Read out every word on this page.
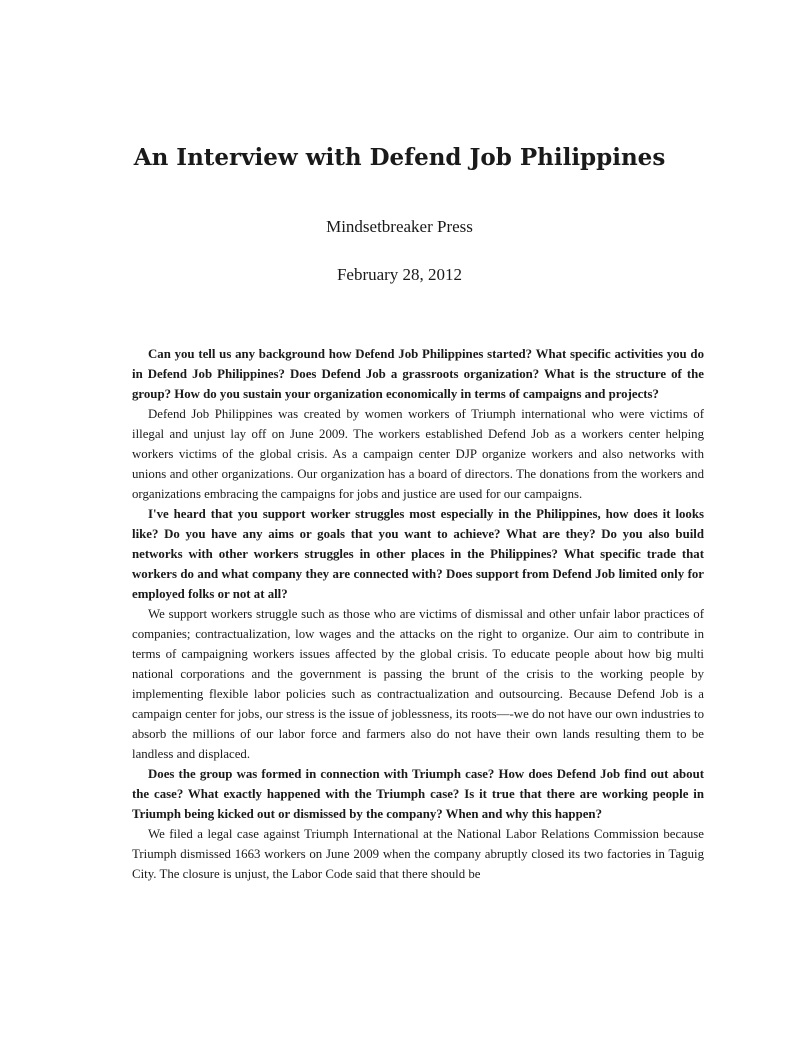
An Interview with Defend Job Philippines
Mindsetbreaker Press
February 28, 2012

Can you tell us any background how Defend Job Philippines started? What specific activities you do in Defend Job Philippines? Does Defend Job a grassroots organization? What is the structure of the group? How do you sustain your organization economically in terms of campaigns and projects?

Defend Job Philippines was created by women workers of Triumph international who were victims of illegal and unjust lay off on June 2009. The workers established Defend Job as a workers center helping workers victims of the global crisis. As a campaign center DJP organize workers and also networks with unions and other organizations. Our organization has a board of directors. The donations from the workers and organizations embracing the campaigns for jobs and justice are used for our campaigns.

I've heard that you support worker struggles most especially in the Philippines, how does it looks like? Do you have any aims or goals that you want to achieve? What are they? Do you also build networks with other workers struggles in other places in the Philippines? What specific trade that workers do and what company they are connected with? Does support from Defend Job limited only for employed folks or not at all?

We support workers struggle such as those who are victims of dismissal and other unfair labor practices of companies; contractualization, low wages and the attacks on the right to organize. Our aim to contribute in terms of campaigning workers issues affected by the global crisis. To educate people about how big multi national corporations and the government is passing the brunt of the crisis to the working people by implementing flexible labor policies such as contractualization and outsourcing. Because Defend Job is a campaign center for jobs, our stress is the issue of joblessness, its roots—-we do not have our own industries to absorb the millions of our labor force and farmers also do not have their own lands resulting them to be landless and displaced.

Does the group was formed in connection with Triumph case? How does Defend Job find out about the case? What exactly happened with the Triumph case? Is it true that there are working people in Triumph being kicked out or dismissed by the company? When and why this happen?

We filed a legal case against Triumph International at the National Labor Relations Commission because Triumph dismissed 1663 workers on June 2009 when the company abruptly closed its two factories in Taguig City. The closure is unjust, the Labor Code said that there should be
